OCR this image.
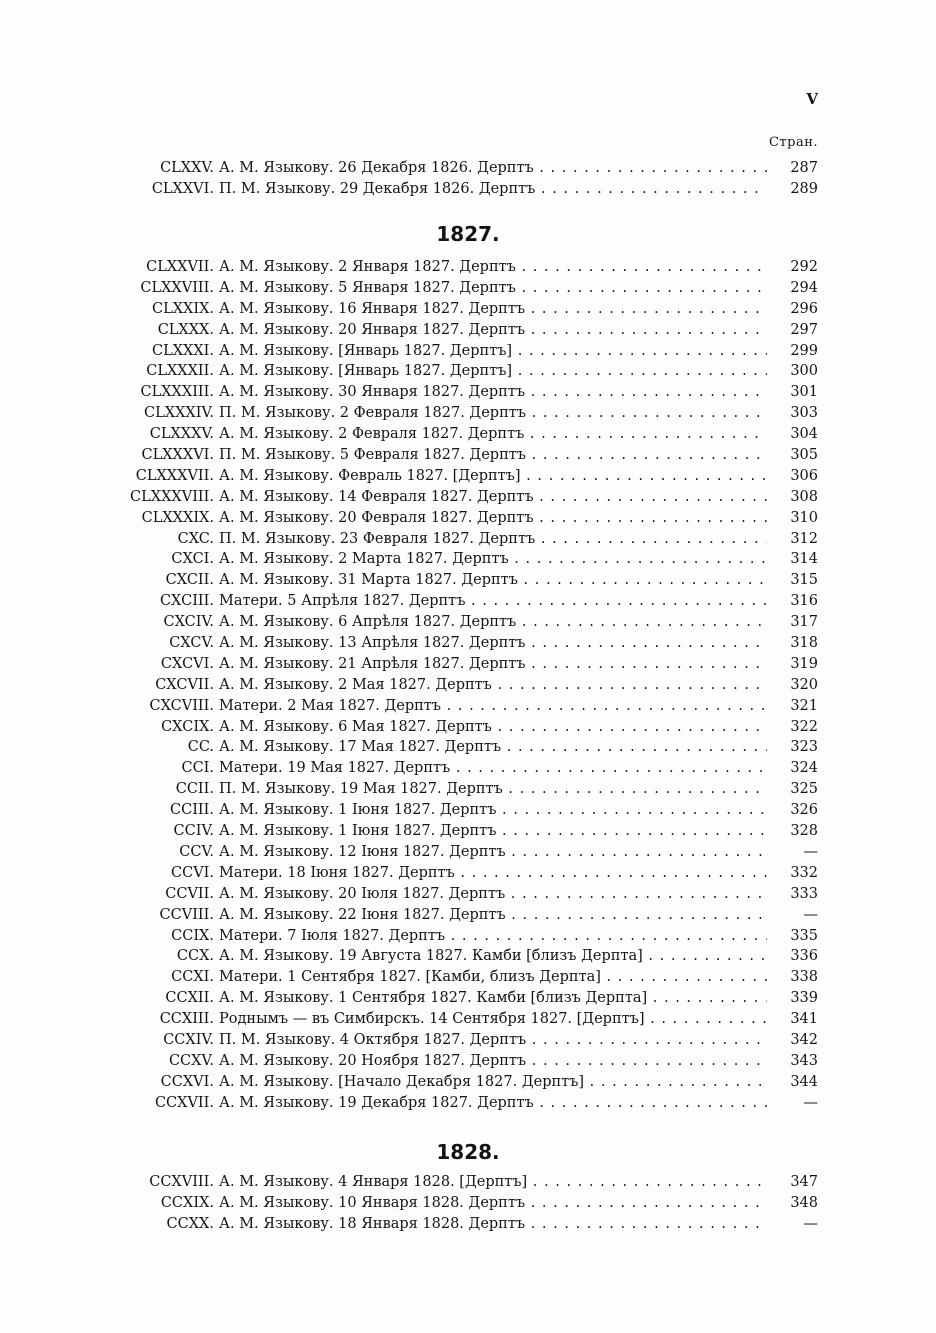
V
Стран.
CLXXV. А. М. Языкову. 26 Декабря 1826. Дерптъ . . .	287
CLXXVI. П. М. Языкову. 29 Декабря 1826. Дерптъ . . .	289
1827.
CLXXVII. А. М. Языкову. 2 Января 1827. Дерптъ . . .	292
CLXXVIII. А. М. Языкову. 5 Января 1827. Дерптъ . . .	294
CLXXIX. А. М. Языкову. 16 Января 1827. Дерптъ . . .	296
CLXXX. А. М. Языкову. 20 Января 1827. Дерптъ . . .	297
CLXXXI. А. М. Языкову. [Январь 1827. Дерптъ] . . .	299
CLXXXII. А. М. Языкову. [Январь 1827. Дерптъ] . . .	300
CLXXXIII. А. М. Языкову. 30 Января 1827. Дерптъ . . .	301
CLXXXIV. П. М. Языкову. 2 Февраля 1827. Дерптъ . . .	303
CLXXXV. А. М. Языкову. 2 Февраля 1827. Дерптъ . . .	304
CLXXXVI. П. М. Языкову. 5 Февраля 1827. Дерптъ . . .	305
CLXXXVII. А. М. Языкову. Февраль 1827. [Дерптъ] . . .	306
CLXXXVIII. А. М. Языкову. 14 Февраля 1827. Дерптъ . . .	308
CLXXXIX. А. М. Языкову. 20 Февраля 1827. Дерптъ . . .	310
CXC. П. М. Языкову. 23 Февраля 1827. Дерптъ . . .	312
CXCI. А. М. Языкову. 2 Марта 1827. Дерптъ . . .	314
CXCII. А. М. Языкову. 31 Марта 1827. Дерптъ . . .	315
CXCIII. Матери. 5 Апрѣля 1827. Дерптъ . . .	316
CXCIV. А. М. Языкову. 6 Апрѣля 1827. Дерптъ . . .	317
CXCV. А. М. Языкову. 13 Апрѣля 1827. Дерптъ . . .	318
CXCVI. А. М. Языкову. 21 Апрѣля 1827. Дерптъ . . .	319
CXCVII. А. М. Языкову. 2 Мая 1827. Дерптъ . . .	320
CXCVIII. Матери. 2 Мая 1827. Дерптъ . . .	321
CXCIX. А. М. Языкову. 6 Мая 1827. Дерптъ . . .	322
CC. А. М. Языкову. 17 Мая 1827. Дерптъ . . .	323
CCI. Матери. 19 Мая 1827. Дерптъ . . .	324
CCII. П. М. Языкову. 19 Мая 1827. Дерптъ . . .	325
CCIII. А. М. Языкову. 1 Іюня 1827. Дерптъ . . .	326
CCIV. А. М. Языкову. 1 Іюня 1827. Дерптъ . . .	328
CCV. А. М. Языкову. 12 Іюня 1827. Дерптъ . . .	—
CCVI. Матери. 18 Іюня 1827. Дерптъ . . .	332
CCVII. А. М. Языкову. 20 Іюля 1827. Дерптъ . . .	333
CCVIII. А. М. Языкову. 22 Іюня 1827. Дерптъ . . .	—
CCIX. Матери. 7 Іюля 1827. Дерптъ . . .	335
CCX. А. М. Языкову. 19 Августа 1827. Камби [близъ Дерпта] . . .	336
CCXI. Матери. 1 Сентября 1827. [Камби, близъ Дерпта] . . .	338
CCXII. А. М. Языкову. 1 Сентября 1827. Камби [близъ Дерпта] . . .	339
CCXIII. Роднымъ — въ Симбирскъ. 14 Сентября 1827. [Дерптъ] . . .	341
CCXIV. П. М. Языкову. 4 Октября 1827. Дерптъ . . .	342
CCXV. А. М. Языкову. 20 Ноября 1827. Дерптъ . . .	343
CCXVI. А. М. Языкову. [Начало Декабря 1827. Дерптъ] . . .	344
CCXVII. А. М. Языкову. 19 Декабря 1827. Дерптъ . . .	—
1828.
CCXVIII. А. М. Языкову. 4 Января 1828. [Дерптъ] . . .	347
CCXIX. А. М. Языкову. 10 Января 1828. Дерптъ . . .	348
CCXX. А. М. Языкову. 18 Января 1828. Дерптъ . . .	—
